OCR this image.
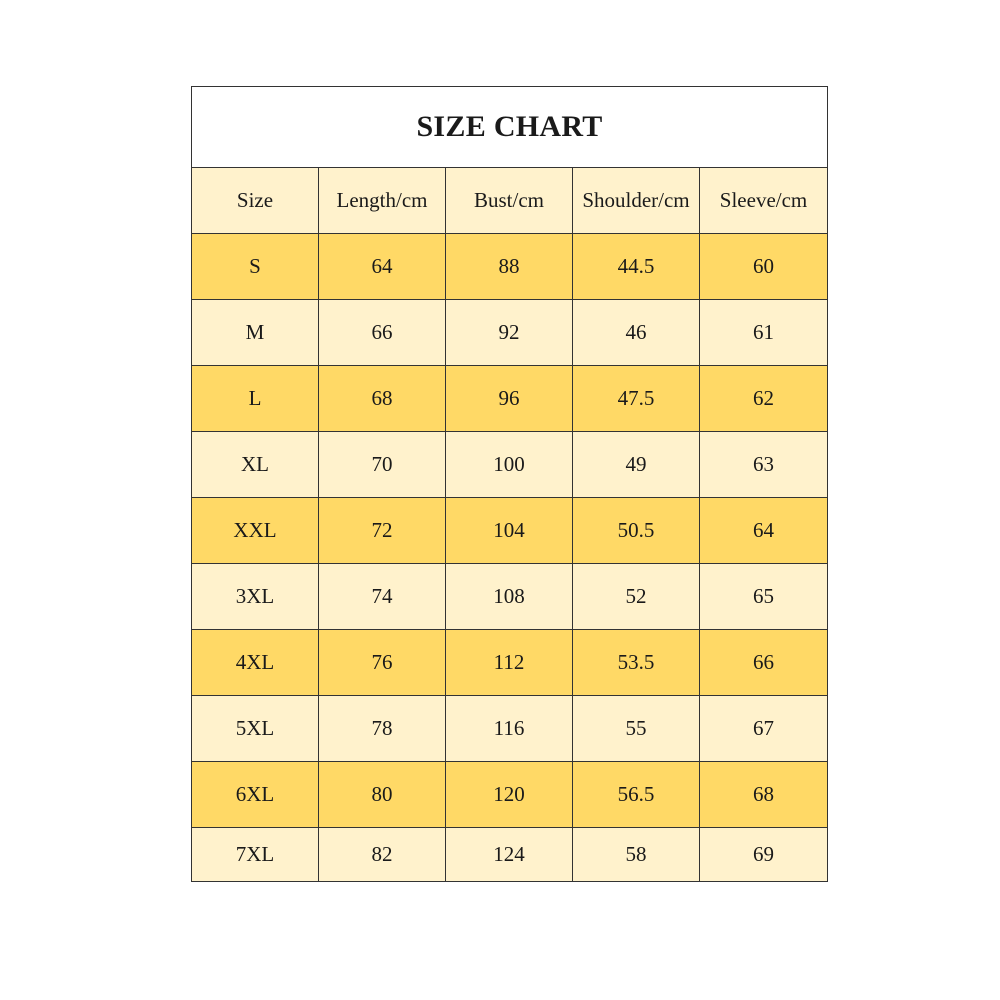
SIZE CHART				
Size	Length/cm	Bust/cm	Shoulder/cm	Sleeve/cm
S	64	88	44.5	60
M	66	92	46	61
L	68	96	47.5	62
XL	70	100	49	63
XXL	72	104	50.5	64
3XL	74	108	52	65
4XL	76	112	53.5	66
5XL	78	116	55	67
6XL	80	120	56.5	68
7XL	82	124	58	69
